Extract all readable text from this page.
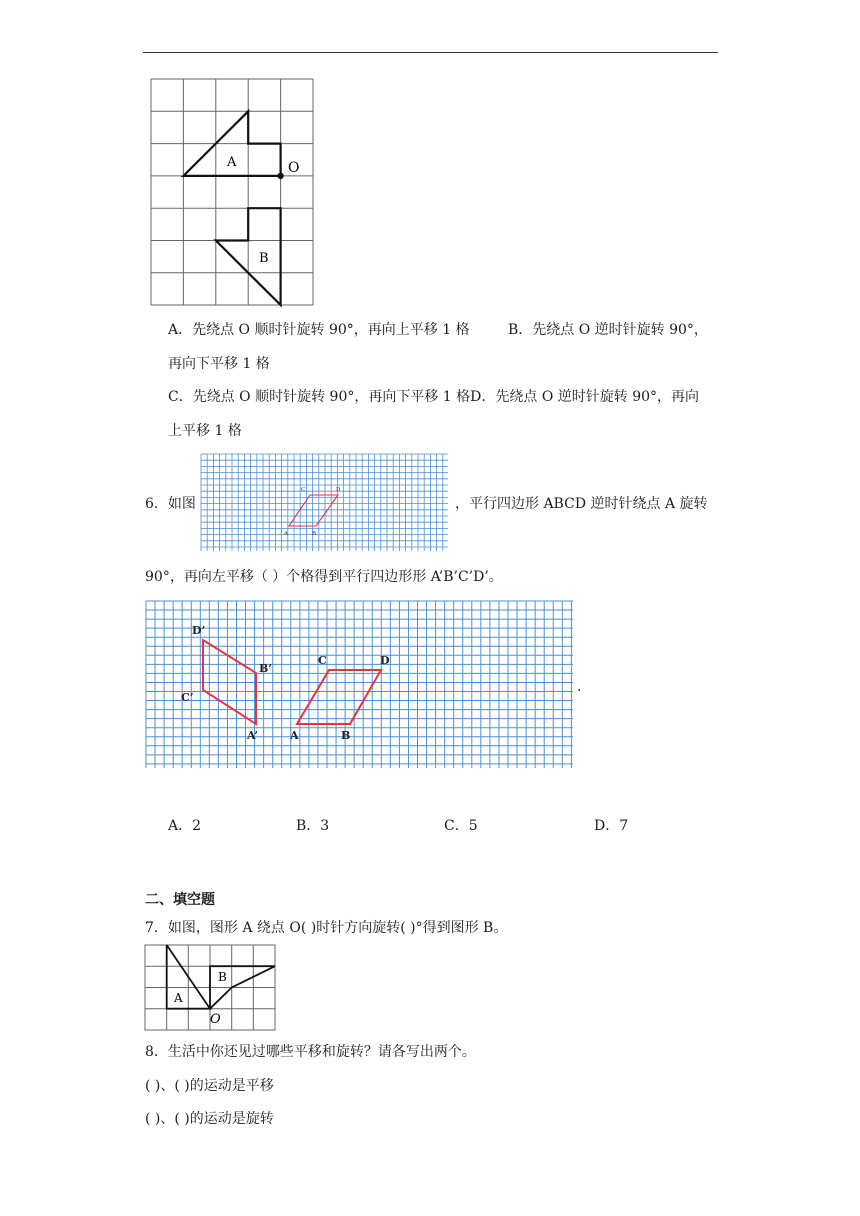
A
B
O
A．先绕点 O 顺时针旋转 90°，再向上平移 1 格	B．先绕点 O 逆时针旋转 90°，
再向下平移 1 格
C．先绕点 O 顺时针旋转 90°，再向下平移 1 格D．先绕点 O 逆时针旋转 90°，再向
上平移 1 格
6．如图
C	D
A	B
，平行四边形 ABCD 逆时针绕点 A 旋转
90°，再向左平移（ ）个格得到平行四边形形 A’B’C’D’。
A	B
C	D
A’
B’
C’
D’
.
A．2	B．3	C．5	D．7
二、填空题
7．如图，图形 A 绕点 O( )时针方向旋转( )°得到图形 B。
A
B
O
8．生活中你还见过哪些平移和旋转？请各写出两个。
( )、( )的运动是平移
( )、( )的运动是旋转
